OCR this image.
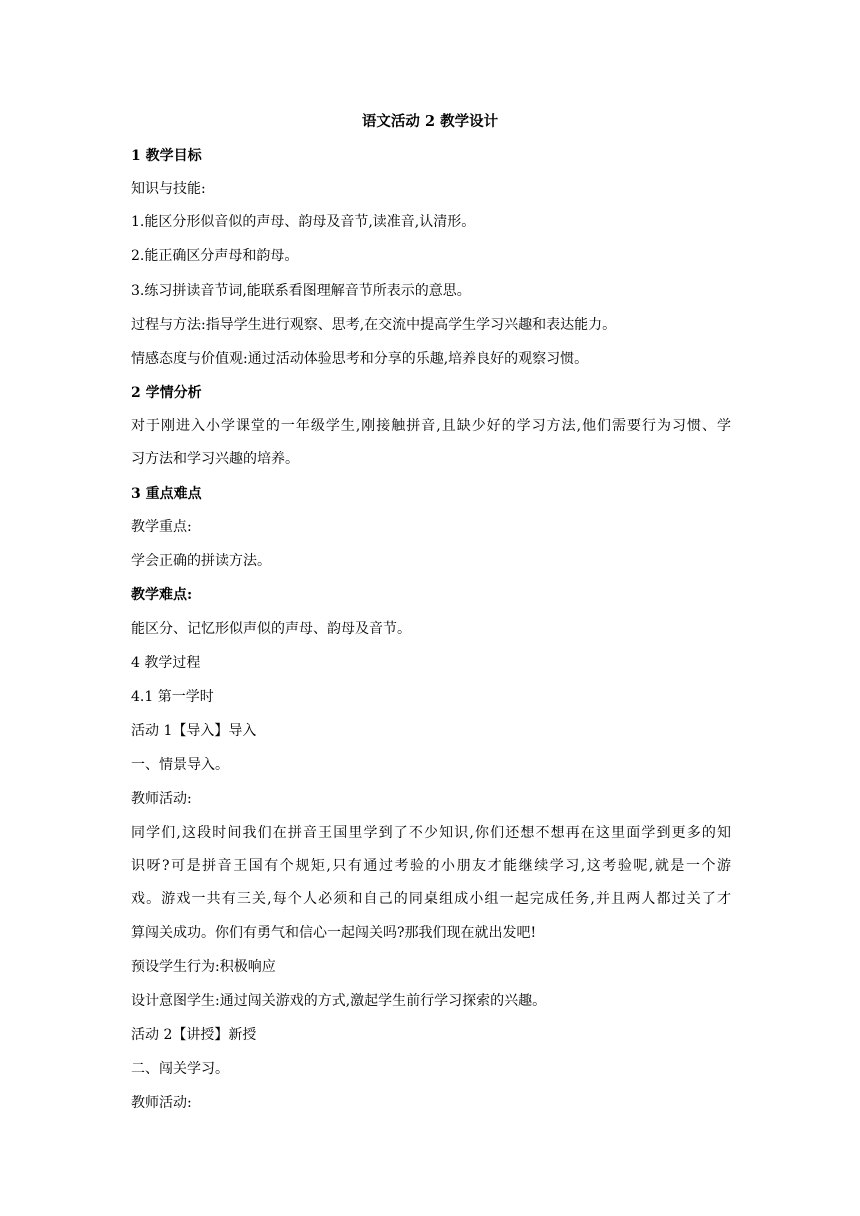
语文活动 2 教学设计
1 教学目标
知识与技能:
1.能区分形似音似的声母、韵母及音节,读准音,认清形。
2.能正确区分声母和韵母。
3.练习拼读音节词,能联系看图理解音节所表示的意思。
过程与方法:指导学生进行观察、思考,在交流中提高学生学习兴趣和表达能力。
情感态度与价值观:通过活动体验思考和分享的乐趣,培养良好的观察习惯。
2 学情分析
对于刚进入小学课堂的一年级学生,刚接触拼音,且缺少好的学习方法,他们需要行为习惯、学
习方法和学习兴趣的培养。
3 重点难点
教学重点:
学会正确的拼读方法。
教学难点:
能区分、记忆形似声似的声母、韵母及音节。
4 教学过程
4.1 第一学时
活动 1【导入】导入
一、情景导入。
教师活动:
同学们,这段时间我们在拼音王国里学到了不少知识,你们还想不想再在这里面学到更多的知
识呀?可是拼音王国有个规矩,只有通过考验的小朋友才能继续学习,这考验呢,就是一个游
戏。游戏一共有三关,每个人必须和自己的同桌组成小组一起完成任务,并且两人都过关了才
算闯关成功。你们有勇气和信心一起闯关吗?那我们现在就出发吧!
预设学生行为:积极响应
设计意图学生:通过闯关游戏的方式,激起学生前行学习探索的兴趣。
活动 2【讲授】新授
二、闯关学习。
教师活动:
